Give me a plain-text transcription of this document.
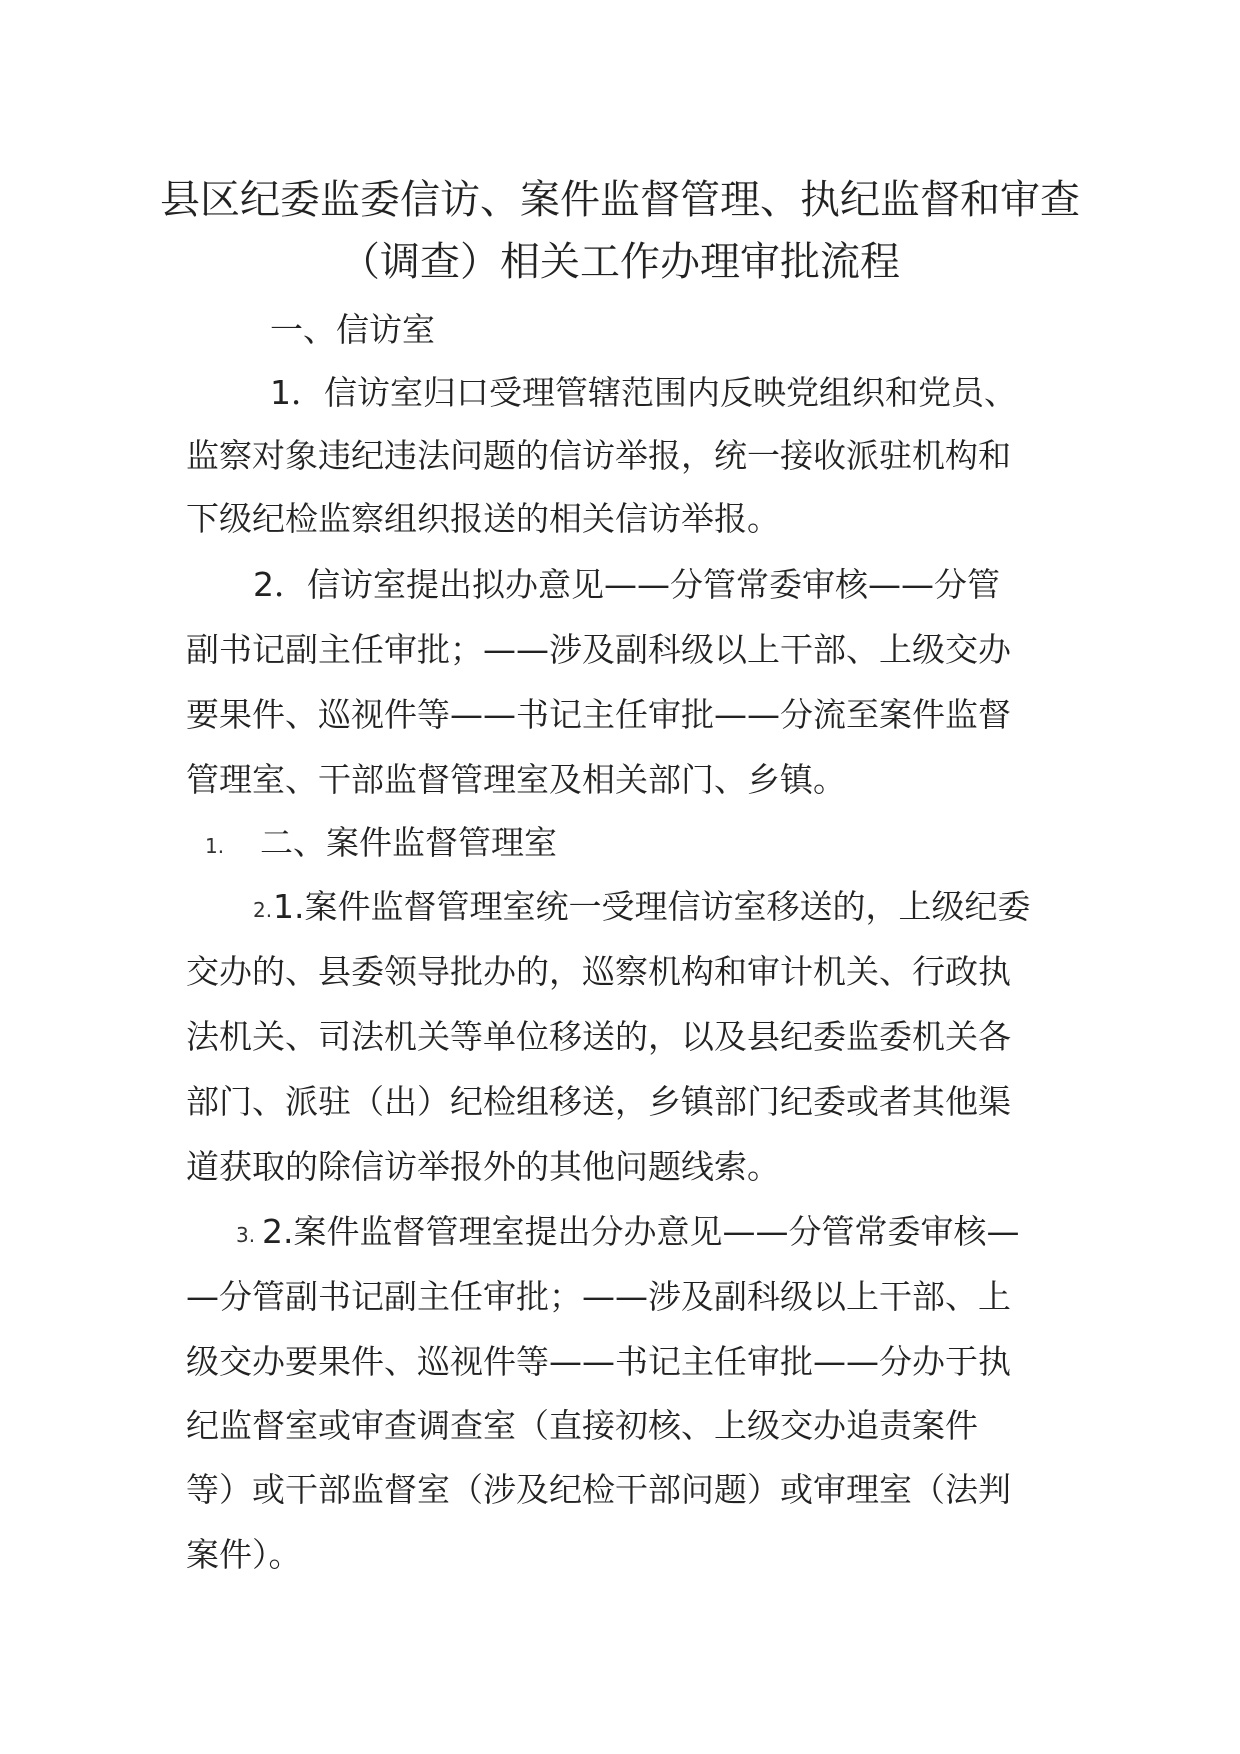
县区纪委监委信访、案件监督管理、执纪监督和审查
（调查）相关工作办理审批流程
一、信访室
1．信访室归口受理管辖范围内反映党组织和党员、
监察对象违纪违法问题的信访举报，统一接收派驻机构和
下级纪检监察组织报送的相关信访举报。
2．信访室提出拟办意见——分管常委审核——分管
副书记副主任审批；——涉及副科级以上干部、上级交办
要果件、巡视件等——书记主任审批——分流至案件监督
管理室、干部监督管理室及相关部门、乡镇。
1. 二、案件监督管理室
2. 1.案件监督管理室统一受理信访室移送的，上级纪委
交办的、县委领导批办的，巡察机构和审计机关、行政执
法机关、司法机关等单位移送的，以及县纪委监委机关各
部门、派驻（出）纪检组移送，乡镇部门纪委或者其他渠
道获取的除信访举报外的其他问题线索。
3. 2.案件监督管理室提出分办意见——分管常委审核—
—分管副书记副主任审批；——涉及副科级以上干部、上
级交办要果件、巡视件等——书记主任审批——分办于执
纪监督室或审查调查室（直接初核、上级交办追责案件
等）或干部监督室（涉及纪检干部问题）或审理室（法判
案件）。
